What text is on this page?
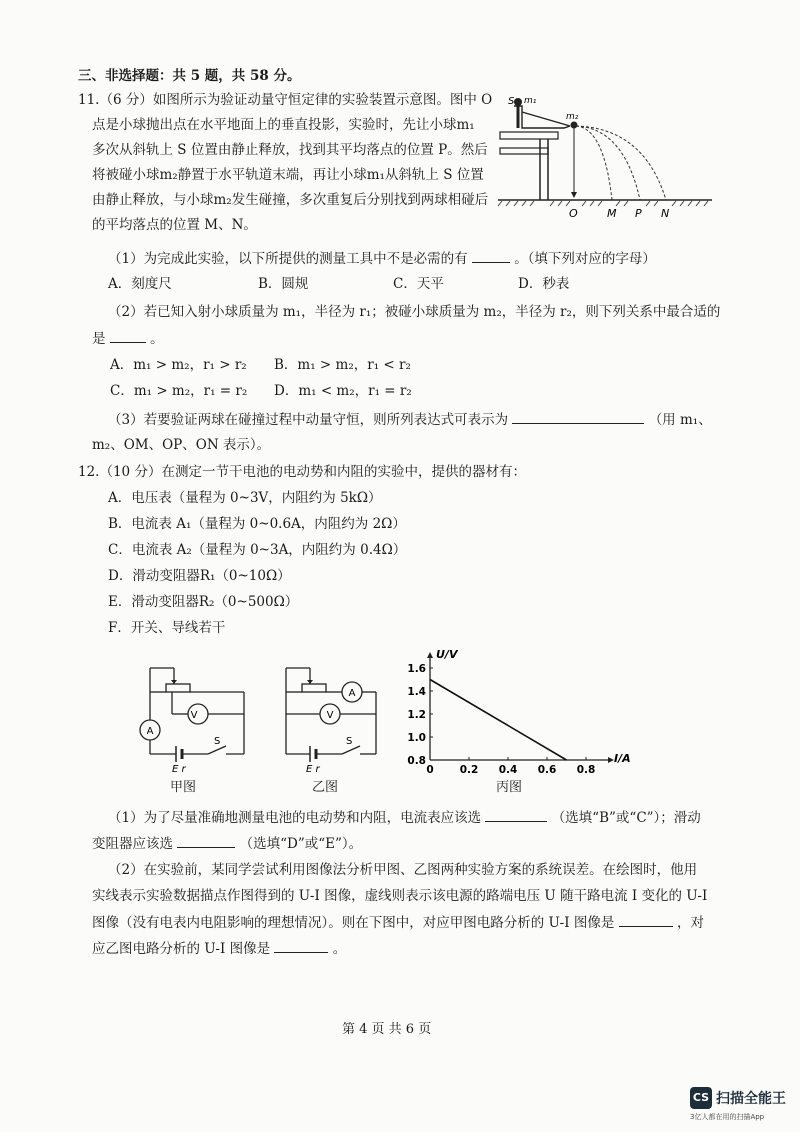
三、非选择题：共 5 题，共 58 分。
11.（6 分）如图所示为验证动量守恒定律的实验装置示意图。图中 O
点是小球抛出点在水平地面上的垂直投影，实验时，先让小球m₁
多次从斜轨上 S 位置由静止释放，找到其平均落点的位置 P。然后
将被碰小球m₂静置于水平轨道末端，再让小球m₁从斜轨上 S 位置
由静止释放，与小球m₂发生碰撞，多次重复后分别找到两球相碰后
的平均落点的位置 M、N。
S m₁
m₂
O	M P N
（1）为完成此实验，以下所提供的测量工具中不是必需的有	。（填下列对应的字母）
A．刻度尺	B．圆规	C．天平	D．秒表
（2）若已知入射小球质量为 m₁，半径为 r₁；被碰小球质量为 m₂，半径为 r₂，则下列关系中最合适的
是	。
A．m₁ > m₂，r₁ > r₂ B．m₁ > m₂，r₁ < r₂
C．m₁ > m₂，r₁ = r₂ D．m₁ < m₂，r₁ = r₂
（3）若要验证两球在碰撞过程中动量守恒，则所列表达式可表示为	（用 m₁、
m₂、OM、OP、ON 表示）。
12.（10 分）在测定一节干电池的电动势和内阻的实验中，提供的器材有：
A．电压表（量程为 0~3V，内阻约为 5kΩ）
B．电流表 A₁（量程为 0~0.6A，内阻约为 2Ω）
C．电流表 A₂（量程为 0~3A，内阻约为 0.4Ω）
D．滑动变阻器R₁（0~10Ω）
E．滑动变阻器R₂（0~500Ω）
F．开关、导线若干
V
A
S
E r
甲图
A
V
S
E r
乙图
U/V
I/A
0 0.2 0.4 0.6 0.8
0.8
1.0
1.2
1.4
1.6
丙图
（1）为了尽量准确地测量电池的电动势和内阻，电流表应该选	（选填“B”或“C”）；滑动
变阻器应该选	（选填“D”或“E”）。
（2）在实验前，某同学尝试利用图像法分析甲图、乙图两种实验方案的系统误差。在绘图时，他用
实线表示实验数据描点作图得到的 U-I 图像，虚线则表示该电源的路端电压 U 随干路电流 I 变化的 U-I
图像（没有电表内电阻影响的理想情况）。则在下图中，对应甲图电路分析的 U-I 图像是	，对
应乙图电路分析的 U-I 图像是	。
第 4 页 共 6 页
CS 扫描全能王
3亿人都在用的扫描App
